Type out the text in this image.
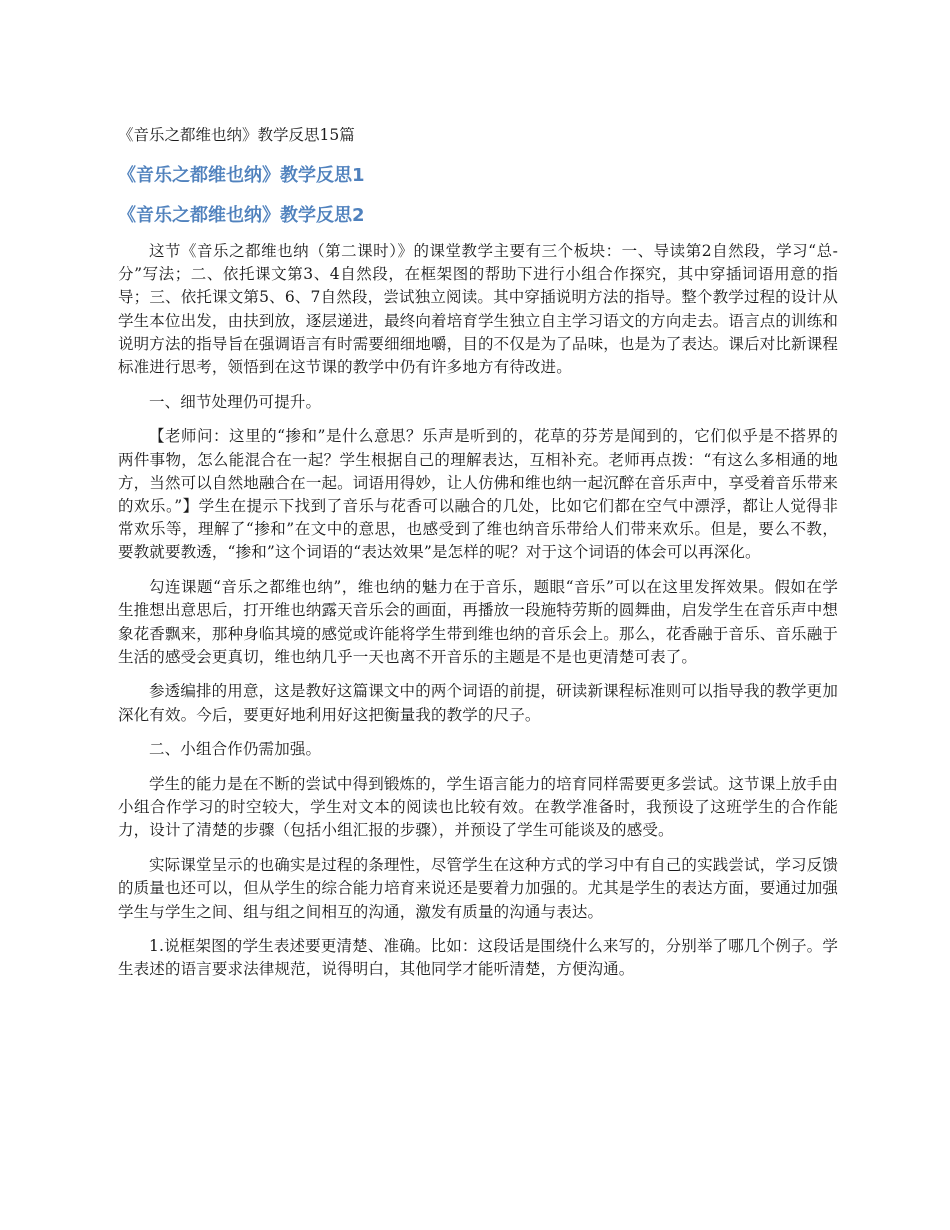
《音乐之都维也纳》教学反思15篇
《音乐之都维也纳》教学反思1
《音乐之都维也纳》教学反思2

这节《音乐之都维也纳（第二课时）》的课堂教学主要有三个板块：一、导读第2自然段，学习“总-分”写法；二、依托课文第3、4自然段，在框架图的帮助下进行小组合作探究，其中穿插词语用意的指导；三、依托课文第5、6、7自然段，尝试独立阅读。其中穿插说明方法的指导。整个教学过程的设计从学生本位出发，由扶到放，逐层递进，最终向着培育学生独立自主学习语文的方向走去。语言点的训练和说明方法的指导旨在强调语言有时需要细细地嚼，目的不仅是为了品味，也是为了表达。课后对比新课程标准进行思考，领悟到在这节课的教学中仍有许多地方有待改进。

一、细节处理仍可提升。

【老师问：这里的“掺和”是什么意思？乐声是听到的，花草的芬芳是闻到的，它们似乎是不搭界的两件事物，怎么能混合在一起？学生根据自己的理解表达，互相补充。老师再点拨：“有这么多相通的地方，当然可以自然地融合在一起。词语用得妙，让人仿佛和维也纳一起沉醉在音乐声中，享受着音乐带来的欢乐。”】学生在提示下找到了音乐与花香可以融合的几处，比如它们都在空气中漂浮，都让人觉得非常欢乐等，理解了“掺和”在文中的意思，也感受到了维也纳音乐带给人们带来欢乐。但是，要么不教，要教就要教透，“掺和”这个词语的“表达效果”是怎样的呢？对于这个词语的体会可以再深化。

勾连课题“音乐之都维也纳”，维也纳的魅力在于音乐，题眼“音乐”可以在这里发挥效果。假如在学生推想出意思后，打开维也纳露天音乐会的画面，再播放一段施特劳斯的圆舞曲，启发学生在音乐声中想象花香飘来，那种身临其境的感觉或许能将学生带到维也纳的音乐会上。那么，花香融于音乐、音乐融于生活的感受会更真切，维也纳几乎一天也离不开音乐的主题是不是也更清楚可表了。

参透编排的用意，这是教好这篇课文中的两个词语的前提，研读新课程标准则可以指导我的教学更加深化有效。今后，要更好地利用好这把衡量我的教学的尺子。

二、小组合作仍需加强。

学生的能力是在不断的尝试中得到锻炼的，学生语言能力的培育同样需要更多尝试。这节课上放手由小组合作学习的时空较大，学生对文本的阅读也比较有效。在教学准备时，我预设了这班学生的合作能力，设计了清楚的步骤（包括小组汇报的步骤），并预设了学生可能谈及的感受。

实际课堂呈示的也确实是过程的条理性，尽管学生在这种方式的学习中有自己的实践尝试，学习反馈的质量也还可以，但从学生的综合能力培育来说还是要着力加强的。尤其是学生的表达方面，要通过加强学生与学生之间、组与组之间相互的沟通，激发有质量的沟通与表达。

1.说框架图的学生表述要更清楚、准确。比如：这段话是围绕什么来写的，分别举了哪几个例子。学生表述的语言要求法律规范，说得明白，其他同学才能听清楚，方便沟通。
